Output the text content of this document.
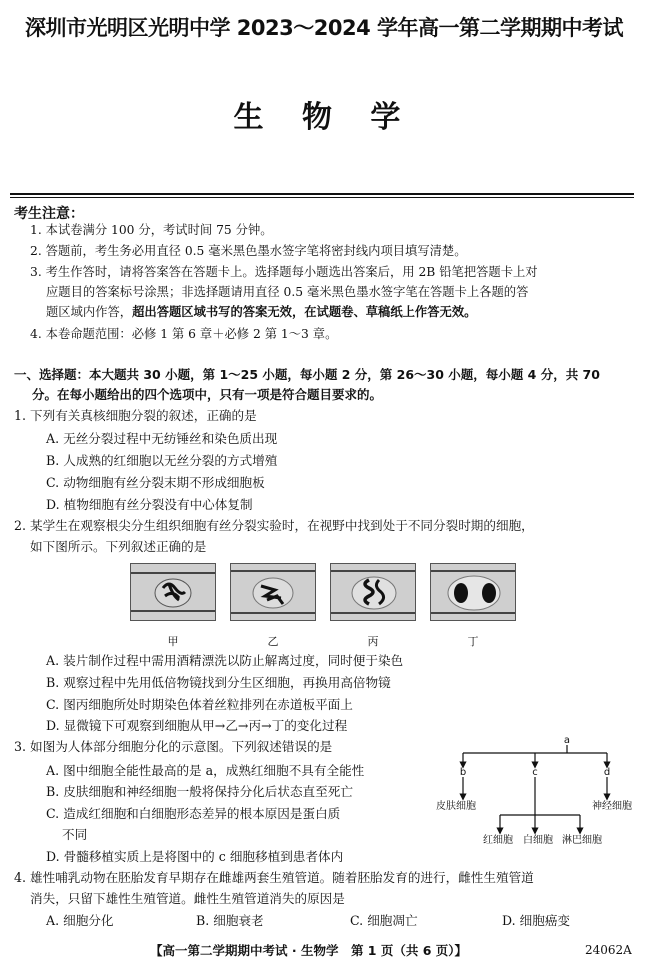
深圳市光明区光明中学 2023～2024 学年高一第二学期期中考试
生 物 学
考生注意：
1. 本试卷满分 100 分，考试时间 75 分钟。
2. 答题前，考生务必用直径 0.5 毫米黑色墨水签字笔将密封线内项目填写清楚。
3. 考生作答时，请将答案答在答题卡上。选择题每小题选出答案后，用 2B 铅笔把答题卡上对
应题目的答案标号涂黑；非选择题请用直径 0.5 毫米黑色墨水签字笔在答题卡上各题的答
题区域内作答，超出答题区域书写的答案无效，在试题卷、草稿纸上作答无效。
4. 本卷命题范围：必修 1 第 6 章＋必修 2 第 1～3 章。
一、选择题：本大题共 30 小题，第 1～25 小题，每小题 2 分，第 26～30 小题，每小题 4 分，共 70
分。在每小题给出的四个选项中，只有一项是符合题目要求的。
1. 下列有关真核细胞分裂的叙述，正确的是
A. 无丝分裂过程中无纺锤丝和染色质出现
B. 人成熟的红细胞以无丝分裂的方式增殖
C. 动物细胞有丝分裂末期不形成细胞板
D. 植物细胞有丝分裂没有中心体复制
2. 某学生在观察根尖分生组织细胞有丝分裂实验时，在视野中找到处于不同分裂时期的细胞，
如下图所示。下列叙述正确的是
甲	乙	丙	丁
A. 装片制作过程中需用酒精漂洗以防止解离过度，同时便于染色
B. 观察过程中先用低倍物镜找到分生区细胞，再换用高倍物镜
C. 图丙细胞所处时期染色体着丝粒排列在赤道板平面上
D. 显微镜下可观察到细胞从甲→乙→丙→丁的变化过程
3. 如图为人体部分细胞分化的示意图。下列叙述错误的是
A. 图中细胞全能性最高的是 a，成熟红细胞不具有全能性
B. 皮肤细胞和神经细胞一般将保持分化后状态直至死亡
C. 造成红细胞和白细胞形态差异的根本原因是蛋白质
不同
D. 骨髓移植实质上是将图中的 c 细胞移植到患者体内
a
b	c	d
皮肤细胞	神经细胞
红细胞 白细胞 淋巴细胞
4. 雄性哺乳动物在胚胎发育早期存在雌雄两套生殖管道。随着胚胎发育的进行，雌性生殖管道
消失，只留下雄性生殖管道。雌性生殖管道消失的原因是
A. 细胞分化	B. 细胞衰老	C. 细胞凋亡	D. 细胞癌变
【高一第二学期期中考试 · 生物学　第 1 页（共 6 页）】	24062A
